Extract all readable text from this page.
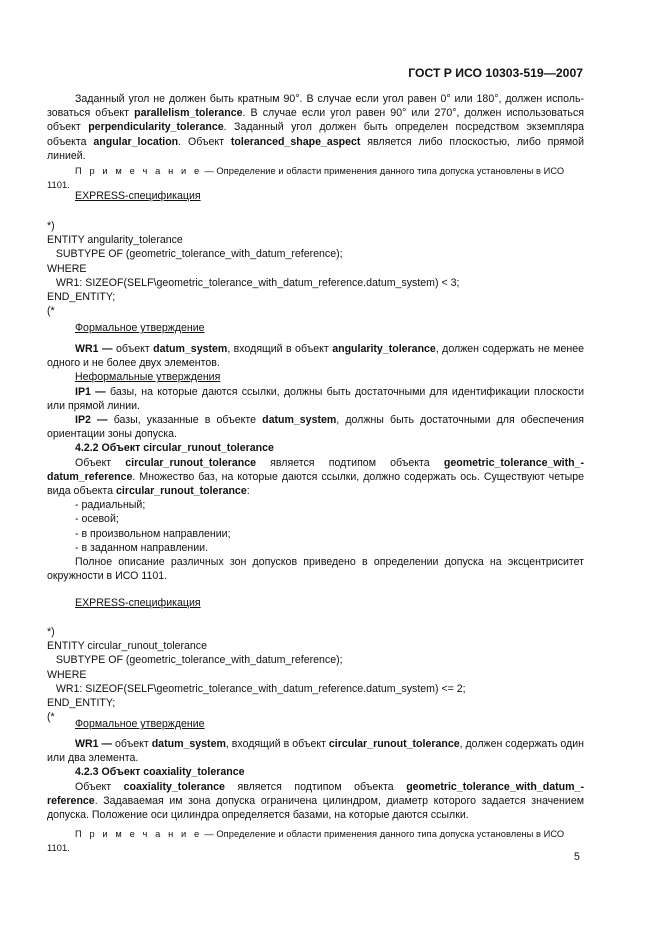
ГОСТ Р ИСО 10303-519—2007

Заданный угол не должен быть кратным 90°. В случае если угол равен 0° или 180°, должен использоваться объект parallelism_tolerance. В случае если угол равен 90° или 270°, должен использоваться объект perpendicularity_tolerance. Заданный угол должен быть определен посредством экземпляра объекта angular_location. Объект toleranced_shape_aspect является либо плоскостью, либо прямой линией.

П р и м е ч а н и е — Определение и области применения данного типа допуска установлены в ИСО 1101.

EXPRESS-спецификация

*)

ENTITY angularity_tolerance

SUBTYPE OF (geometric_tolerance_with_datum_reference);

WHERE

WR1: SIZEOF(SELF\geometric_tolerance_with_datum_reference.datum_system) < 3;

END_ENTITY;

(*

Формальное утверждение

WR1 — объект datum_system, входящий в объект angularity_tolerance, должен содержать не менее одного и не более двух элементов.

Неформальные утверждения

IP1 — базы, на которые даются ссылки, должны быть достаточными для идентификации плоскости или прямой линии.

IP2 — базы, указанные в объекте datum_system, должны быть достаточными для обеспечения ориентации зоны допуска.

4.2.2 Объект circular_runout_tolerance

Объект circular_runout_tolerance является подтипом объекта geometric_tolerance_with_-datum_reference. Множество баз, на которые даются ссылки, должно содержать ось. Существуют четыре вида объекта circular_runout_tolerance:

- радиальный;

- осевой;

- в произвольном направлении;

- в заданном направлении.

Полное описание различных зон допусков приведено в определении допуска на эксцентриситет окружности в ИСО 1101.

EXPRESS-спецификация

*)

ENTITY circular_runout_tolerance

SUBTYPE OF (geometric_tolerance_with_datum_reference);

WHERE

WR1: SIZEOF(SELF\geometric_tolerance_with_datum_reference.datum_system) <= 2;

END_ENTITY;

(*

Формальное утверждение

WR1 — объект datum_system, входящий в объект circular_runout_tolerance, должен содержать один или два элемента.

4.2.3 Объект coaxiality_tolerance

Объект coaxiality_tolerance является подтипом объекта geometric_tolerance_with_datum_-reference. Задаваемая им зона допуска ограничена цилиндром, диаметр которого задается значением допуска. Положение оси цилиндра определяется базами, на которые даются ссылки.

П р и м е ч а н и е — Определение и области применения данного типа допуска установлены в ИСО 1101.

5
